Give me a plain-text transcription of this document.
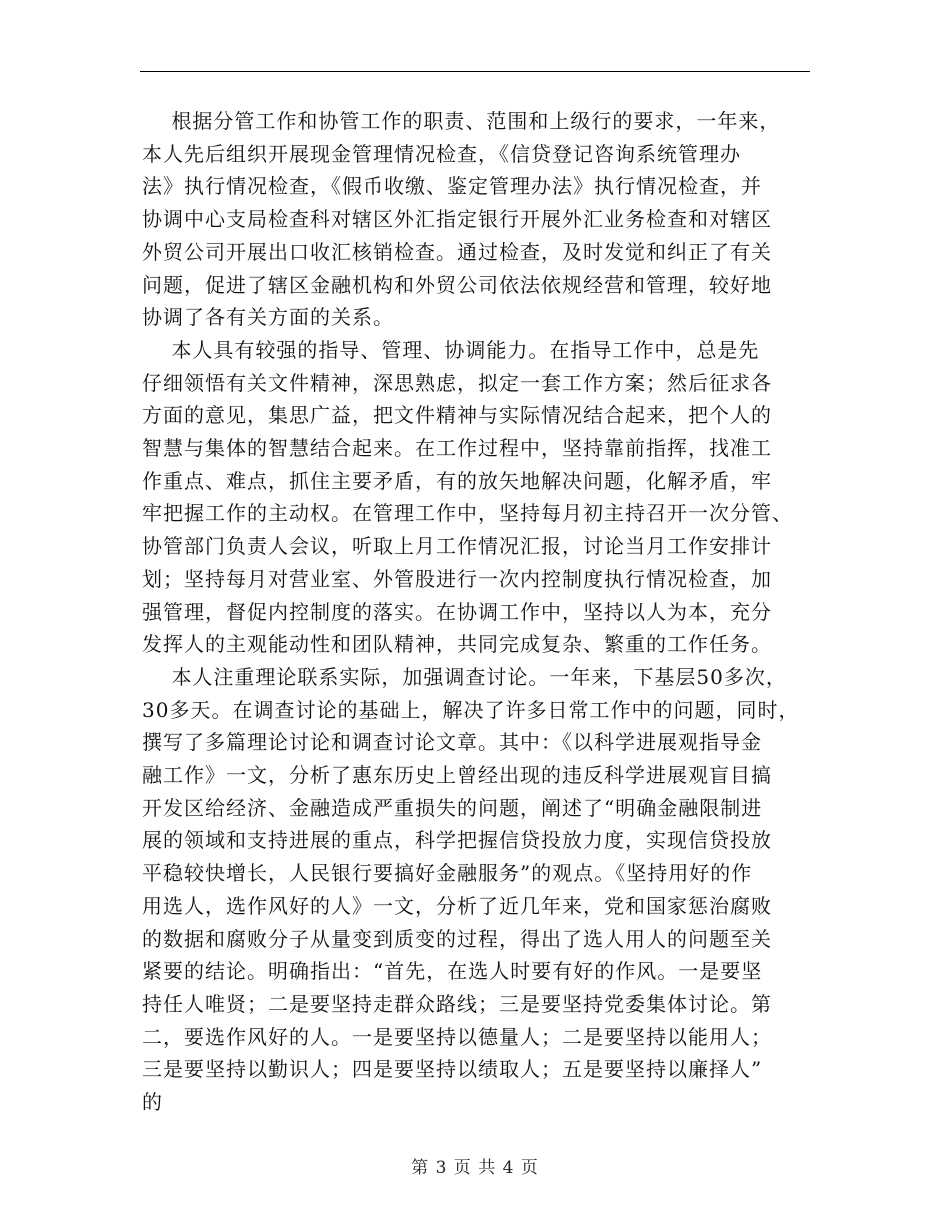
根据分管工作和协管工作的职责、范围和上级行的要求，一年来，
本人先后组织开展现金管理情况检查，《信贷登记咨询系统管理办
法》执行情况检查，《假币收缴、鉴定管理办法》执行情况检查，并
协调中心支局检查科对辖区外汇指定银行开展外汇业务检查和对辖区
外贸公司开展出口收汇核销检查。通过检查，及时发觉和纠正了有关
问题，促进了辖区金融机构和外贸公司依法依规经营和管理，较好地
协调了各有关方面的关系。

本人具有较强的指导、管理、协调能力。在指导工作中，总是先
仔细领悟有关文件精神，深思熟虑，拟定一套工作方案；然后征求各
方面的意见，集思广益，把文件精神与实际情况结合起来，把个人的
智慧与集体的智慧结合起来。在工作过程中，坚持靠前指挥，找准工
作重点、难点，抓住主要矛盾，有的放矢地解决问题，化解矛盾，牢
牢把握工作的主动权。在管理工作中，坚持每月初主持召开一次分管、
协管部门负责人会议，听取上月工作情况汇报，讨论当月工作安排计
划；坚持每月对营业室、外管股进行一次内控制度执行情况检查，加
强管理，督促内控制度的落实。在协调工作中，坚持以人为本，充分
发挥人的主观能动性和团队精神，共同完成复杂、繁重的工作任务。

本人注重理论联系实际，加强调查讨论。一年来，下基层50多次，
30多天。在调查讨论的基础上，解决了许多日常工作中的问题，同时，
撰写了多篇理论讨论和调查讨论文章。其中：《以科学进展观指导金
融工作》一文，分析了惠东历史上曾经出现的违反科学进展观盲目搞
开发区给经济、金融造成严重损失的问题，阐述了“明确金融限制进
展的领域和支持进展的重点，科学把握信贷投放力度，实现信贷投放
平稳较快增长，人民银行要搞好金融服务”的观点。《坚持用好的作
用选人，选作风好的人》一文，分析了近几年来，党和国家惩治腐败
的数据和腐败分子从量变到质变的过程，得出了选人用人的问题至关
紧要的结论。明确指出：“首先，在选人时要有好的作风。一是要坚
持任人唯贤；二是要坚持走群众路线；三是要坚持党委集体讨论。第
二，要选作风好的人。一是要坚持以德量人；二是要坚持以能用人；
三是要坚持以勤识人；四是要坚持以绩取人；五是要坚持以廉择人”
的

第 3 页 共 4 页
